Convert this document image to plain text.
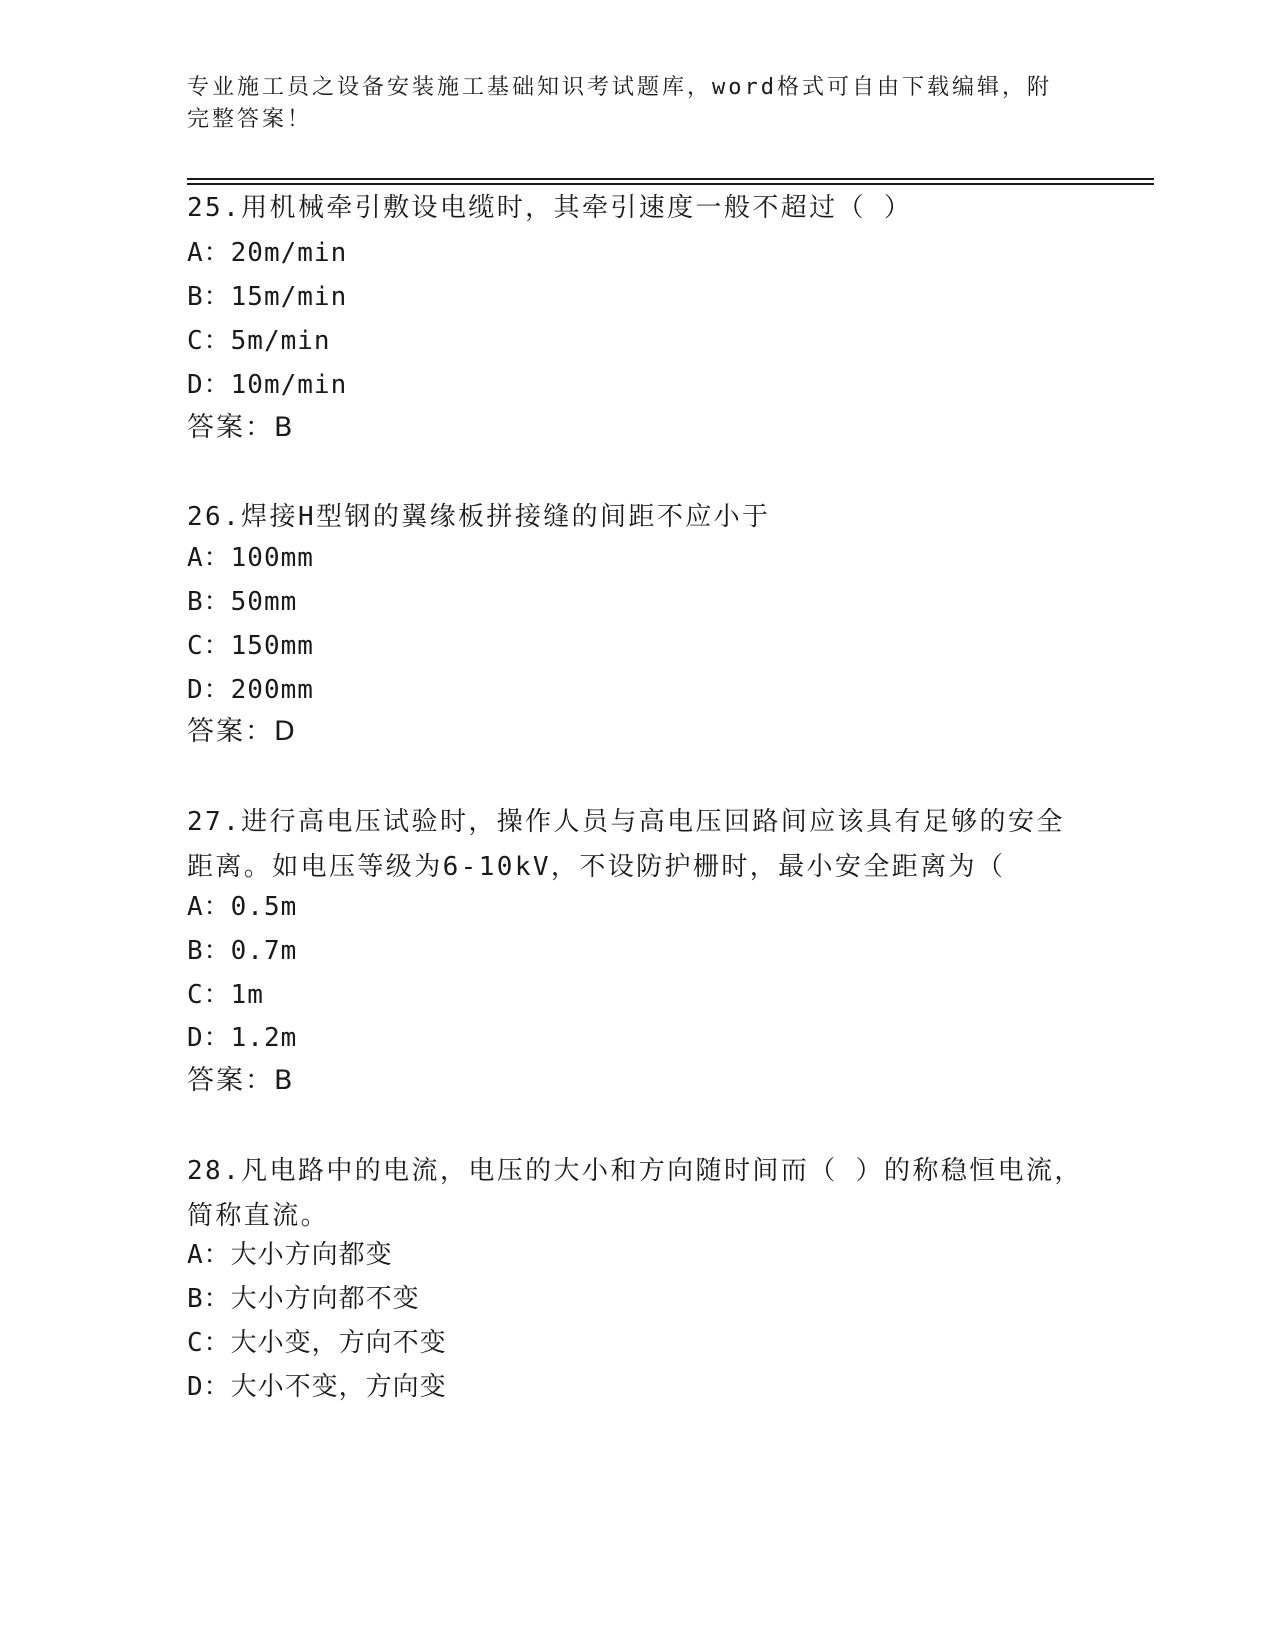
专业施工员之设备安装施工基础知识考试题库，word格式可自由下载编辑，附完整答案！
25.用机械牵引敷设电缆时，其牵引速度一般不超过（ ）
A：20m/min
B：15m/min
C：5m/min
D：10m/min
答案：B
26.焊接H型钢的翼缘板拼接缝的间距不应小于
A：100mm
B：50mm
C：150mm
D：200mm
答案：D
27.进行高电压试验时，操作人员与高电压回路间应该具有足够的安全距离。如电压等级为6-10kV，不设防护栅时，最小安全距离为（
A：0.5m
B：0.7m
C：1m
D：1.2m
答案：B
28.凡电路中的电流，电压的大小和方向随时间而（ ）的称稳恒电流，简称直流。
A：大小方向都变
B：大小方向都不变
C：大小变，方向不变
D：大小不变，方向变
